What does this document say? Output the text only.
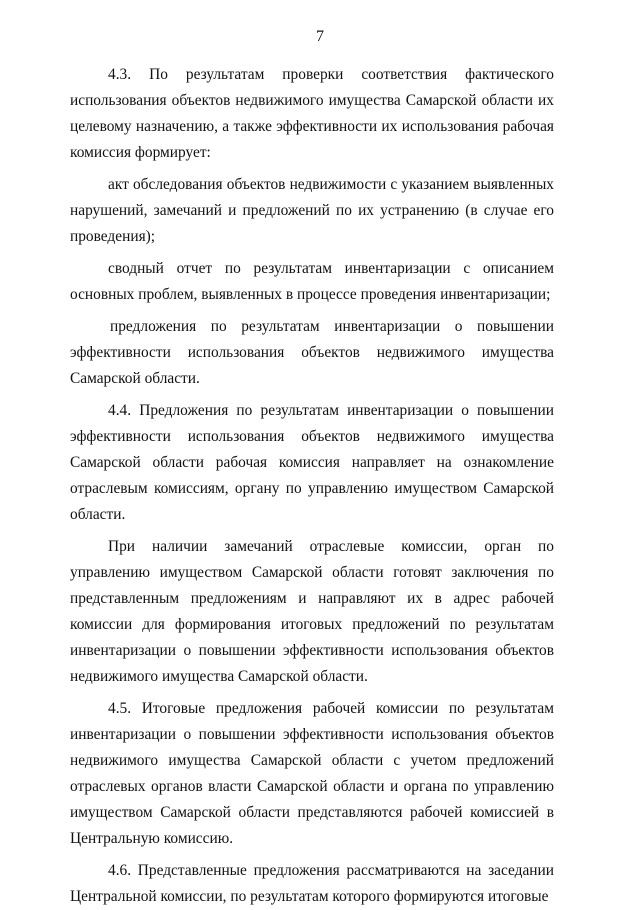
7

4.3. По результатам проверки соответствия фактического использования объектов недвижимого имущества Самарской области их целевому назначению, а также эффективности их использования рабочая комиссия формирует:

акт обследования объектов недвижимости с указанием выявленных нарушений, замечаний и предложений по их устранению (в случае его проведения);

сводный отчет по результатам инвентаризации с описанием основных проблем, выявленных в процессе проведения инвентаризации;

предложения по результатам инвентаризации о повышении эффективности использования объектов недвижимого имущества Самарской области.

4.4. Предложения по результатам инвентаризации о повышении эффективности использования объектов недвижимого имущества Самарской области рабочая комиссия направляет на ознакомление отраслевым комиссиям, органу по управлению имуществом Самарской области.

При наличии замечаний отраслевые комиссии, орган по управлению имуществом Самарской области готовят заключения по представленным предложениям и направляют их в адрес рабочей комиссии для формирования итоговых предложений по результатам инвентаризации о повышении эффективности использования объектов недвижимого имущества Самарской области.

4.5. Итоговые предложения рабочей комиссии по результатам инвентаризации о повышении эффективности использования объектов недвижимого имущества Самарской области с учетом предложений отраслевых органов власти Самарской области и органа по управлению имуществом Самарской области представляются рабочей комиссией в Центральную комиссию.

4.6. Представленные предложения рассматриваются на заседании Центральной комиссии, по результатам которого формируются итоговые
